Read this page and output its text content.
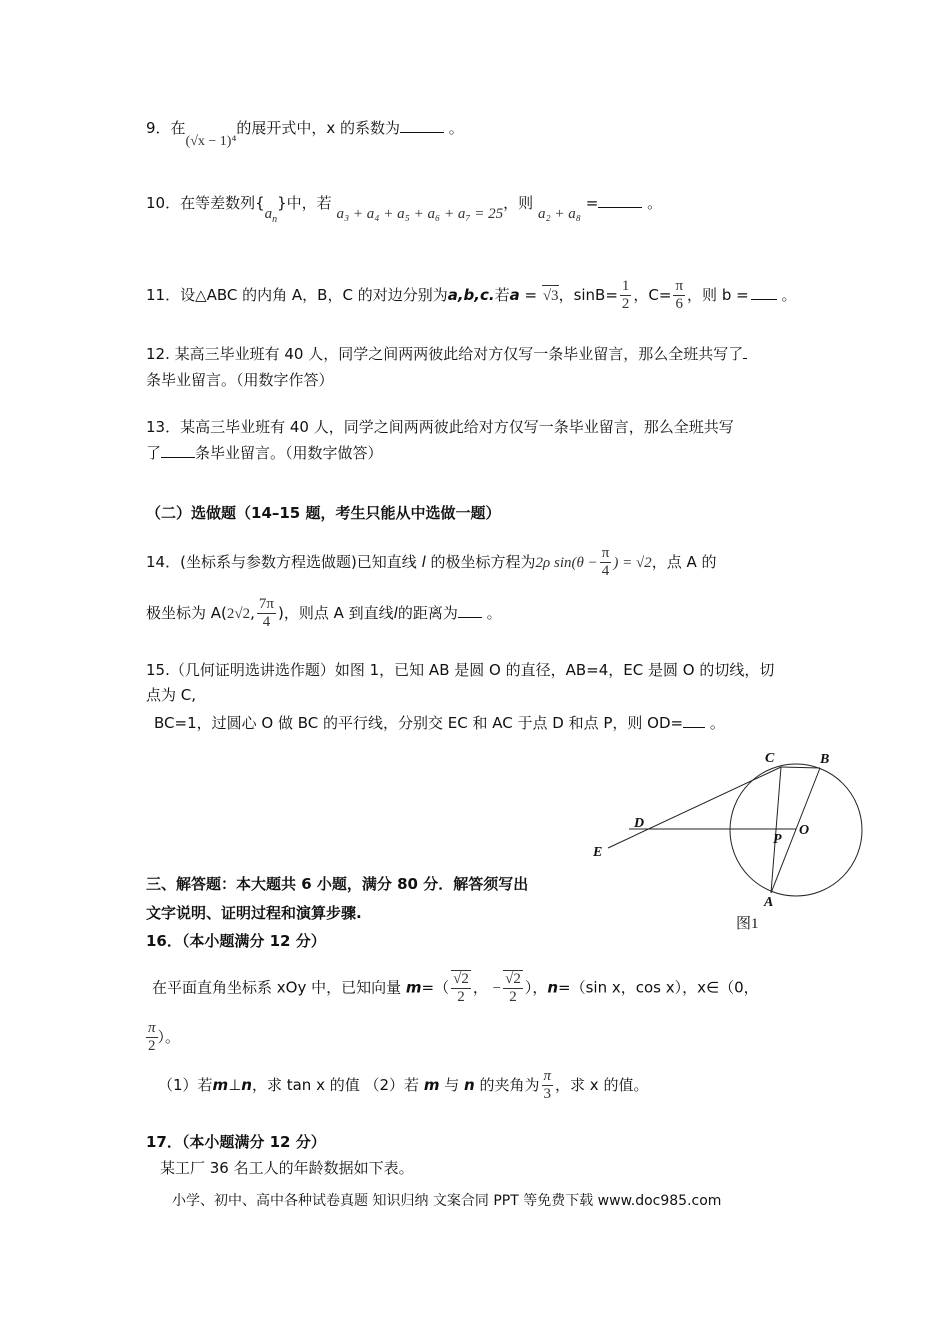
9．在(√x − 1)⁴的展开式中，x 的系数为	。
10．在等差数列$\{a_n\}$中，若 a₃ + a₄ + a₅ + a₆ + a₇ = 25，则 a₂ + a₈ =	。
11．设△ABC 的内角 A，B，C 的对边分别为a,b,c.若a = √3，$\sin B= \frac{1}{2}$ ，$C= \frac{\pi}{6}$ ，则 b = 。
12. 某高三毕业班有 40 人，同学之间两两彼此给对方仅写一条毕业留言，那么全班共写了
条毕业留言。（用数字作答）
13．某高三毕业班有 40 人，同学之间两两彼此给对方仅写一条毕业留言，那么全班共写
了 条毕业留言。（用数字做答）
（二）选做题（14–15 题，考生只能从中选做一题）
14．(坐标系与参数方程选做题)已知直线 l 的极坐标方程为2ρ $\sin(\theta - \frac{\pi}{4}$ ) = √2，点 A 的
极坐标为 A(2√2, $\frac{7\pi}{4}$ )，则点 A 到直线l的距离为 。
15.（几何证明选讲选作题）如图 1，已知 AB 是圆 O 的直径，AB=4，EC 是圆 O 的切线，切
点为 C,
BC=1，过圆心 O 做 BC 的平行线，分别交 EC 和 AC 于点 D 和点 P，则 OD= 。
C	B
D	O
P
E
A
图1
三、解答题：本大题共 6 小题，满分 80 分．解答须写出
文字说明、证明过程和演算步骤.
16．（本小题满分 12 分）
在平面直角坐标系 xOy 中，已知向量 $m=( \frac{√2}{2}$ ， − $\frac{√2}{2}$ ），n=（sin x，cos x），x∈（0，
$\frac{\pi}{2}$ ）。
（1）若m⊥n，求 tan x 的值 （2）若 m 与 n 的夹角为 $\frac{\pi}{3}$ ，求 x 的值。
17．（本小题满分 12 分）
某工厂 36 名工人的年龄数据如下表。
小学、初中、高中各种试卷真题 知识归纳 文案合同 PPT 等免费下载 www.doc985.com
